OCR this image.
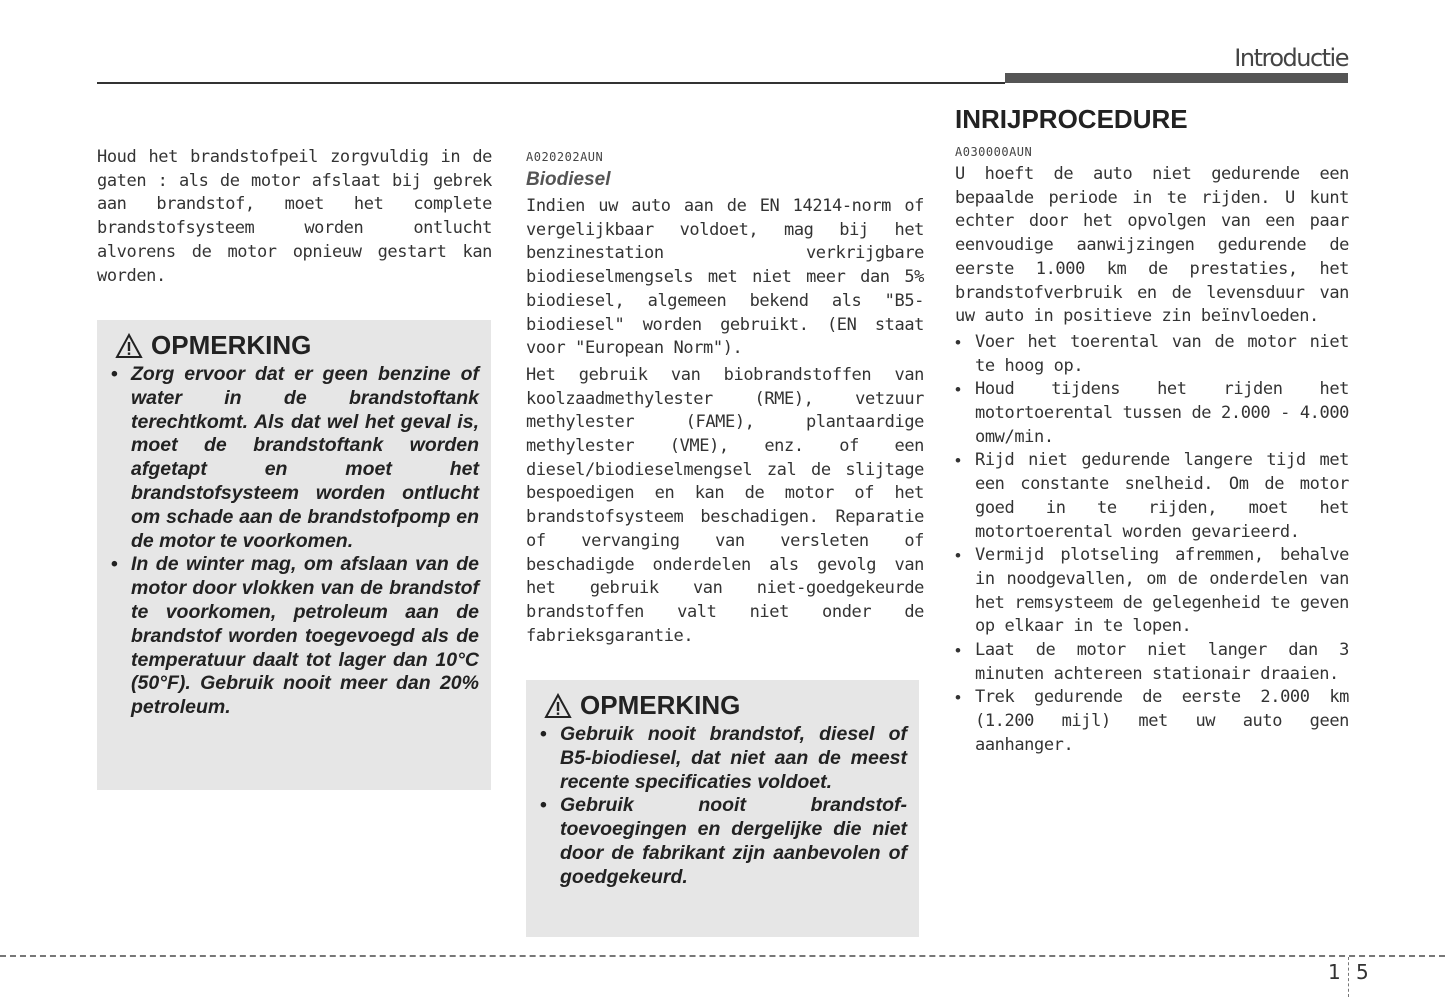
Introductie

Houd het brandstofpeil zorgvuldig in de gaten : als de motor afslaat bij gebrek aan brandstof, moet het complete brandstofsysteem worden ontlucht alvorens de motor opnieuw gestart kan worden.

OPMERKING
• Zorg ervoor dat er geen benzine of water in de brandstoftank terechtkomt. Als dat wel het geval is, moet de brandstoftank worden afgetapt en moet het brandstofsysteem worden ontlucht om schade aan de brandstofpomp en de motor te voorkomen.
• In de winter mag, om afslaan van de motor door vlokken van de brandstof te voorkomen, petroleum aan de brandstof worden toegevoegd als de temperatuur daalt tot lager dan 10°C (50°F). Gebruik nooit meer dan 20% petroleum.
A020202AUN
Biodiesel

Indien uw auto aan de EN 14214-norm of vergelijkbaar voldoet, mag bij het benzinestation verkrijgbare biodieselmengsels met niet meer dan 5% biodiesel, algemeen bekend als "B5-biodiesel" worden gebruikt. (EN staat voor "European Norm").

Het gebruik van biobrandstoffen van koolzaadmethylester (RME), vetzuur methylester (FAME), plantaardige methylester (VME), enz. of een diesel/biodieselmengsel zal de slijtage bespoedigen en kan de motor of het brandstofsysteem beschadigen. Reparatie of vervanging van versleten of beschadigde onderdelen als gevolg van het gebruik van niet-goedgekeurde brandstoffen valt niet onder de fabrieksgarantie.

OPMERKING
• Gebruik nooit brandstof, diesel of B5-biodiesel, dat niet aan de meest recente specificaties voldoet.
• Gebruik nooit brandstof-toevoegingen en dergelijke die niet door de fabrikant zijn aanbevolen of goedgekeurd.
INRIJPROCEDURE
A030000AUN

U hoeft de auto niet gedurende een bepaalde periode in te rijden. U kunt echter door het opvolgen van een paar eenvoudige aanwijzingen gedurende de eerste 1.000 km de prestaties, het brandstofverbruik en de levensduur van uw auto in positieve zin beïnvloeden.

• Voer het toerental van de motor niet te hoog op.
• Houd tijdens het rijden het motortoerental tussen de 2.000 - 4.000 omw/min.
• Rijd niet gedurende langere tijd met een constante snelheid. Om de motor goed in te rijden, moet het motortoerental worden gevarieerd.
• Vermijd plotseling afremmen, behalve in noodgevallen, om de onderdelen van het remsysteem de gelegenheid te geven op elkaar in te lopen.
• Laat de motor niet langer dan 3 minuten achtereen stationair draaien.
• Trek gedurende de eerste 2.000 km (1.200 mijl) met uw auto geen aanhanger.
1 5
